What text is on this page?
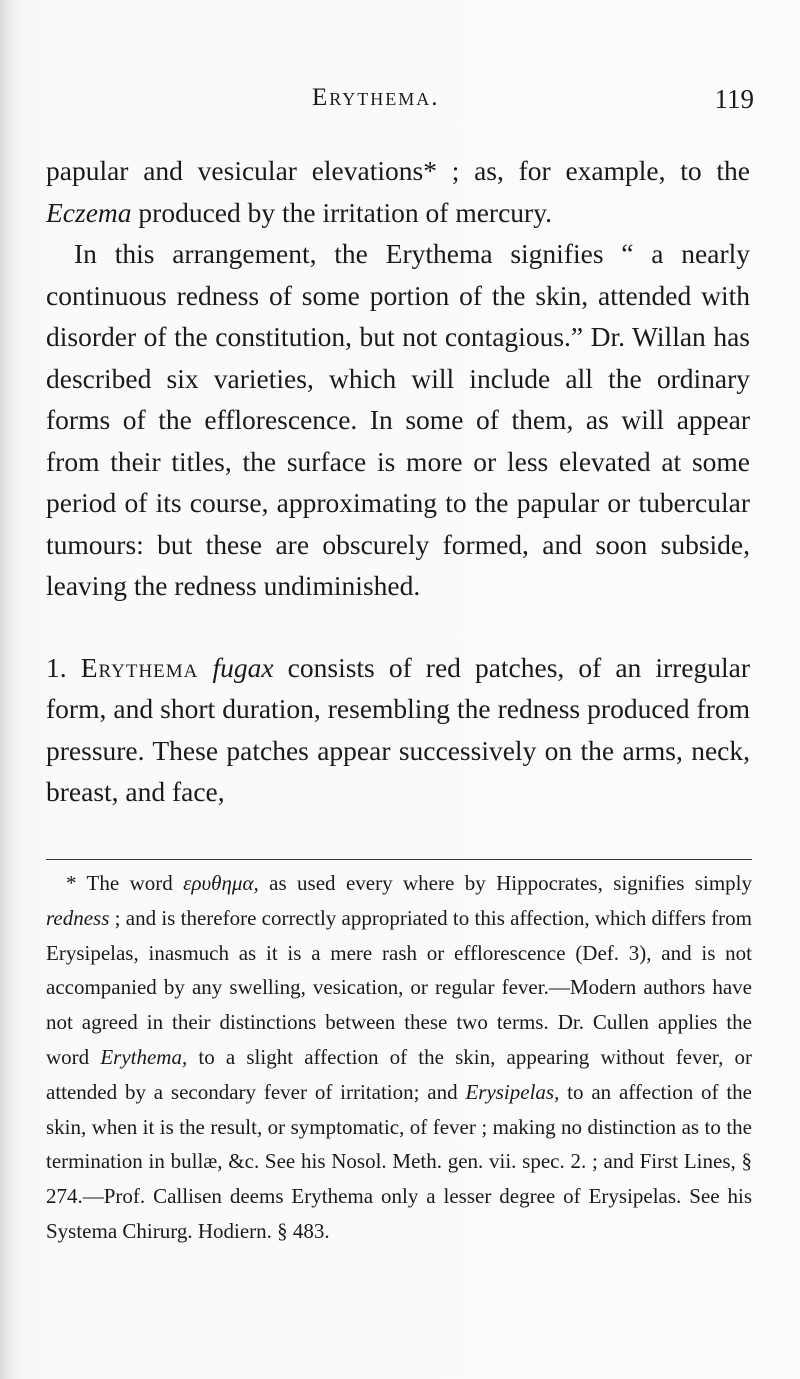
Erythema.	119

papular and vesicular elevations* ; as, for example, to the Eczema produced by the irritation of mercury.

In this arrangement, the Erythema signifies “ a nearly continuous redness of some portion of the skin, attended with disorder of the constitution, but not contagious.” Dr. Willan has described six varieties, which will include all the ordinary forms of the efflorescence. In some of them, as will appear from their titles, the surface is more or less elevated at some period of its course, approximating to the papular or tubercular tumours: but these are obscurely formed, and soon subside, leaving the redness undiminished.

1. Erythema fugax consists of red patches, of an irregular form, and short duration, resembling the redness produced from pressure. These patches appear successively on the arms, neck, breast, and face,

* The word ερυθημα, as used every where by Hippocrates, signifies simply redness ; and is therefore correctly appropriated to this affection, which differs from Erysipelas, inasmuch as it is a mere rash or efflorescence (Def. 3), and is not accompanied by any swelling, vesication, or regular fever.—Modern authors have not agreed in their distinctions between these two terms. Dr. Cullen applies the word Erythema, to a slight affection of the skin, appearing without fever, or attended by a secondary fever of irritation; and Erysipelas, to an affection of the skin, when it is the result, or symptomatic, of fever ; making no distinction as to the termination in bullæ, &c. See his Nosol. Meth. gen. vii. spec. 2. ; and First Lines, § 274.—Prof. Callisen deems Erythema only a lesser degree of Erysipelas. See his Systema Chirurg. Hodiern. § 483.
